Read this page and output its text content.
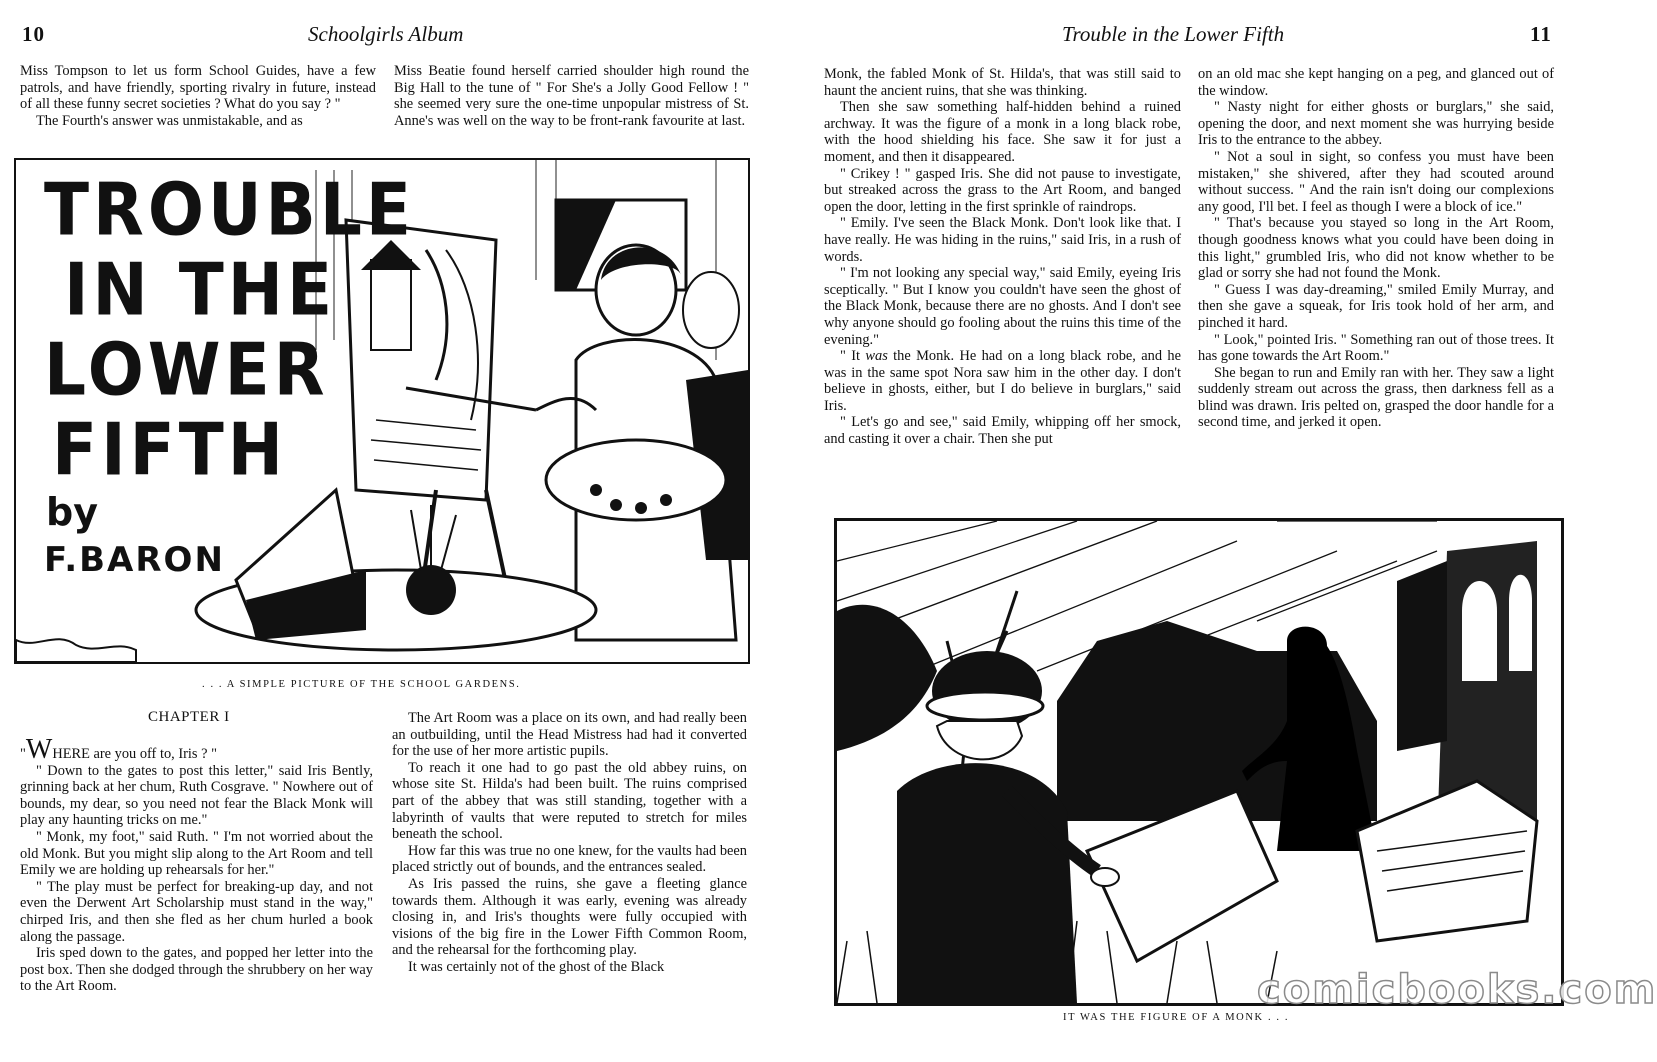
10	Schoolgirls Album

Miss Tompson to let us form School Guides, have a few patrols, and have friendly, sporting rivalry in future, instead of all these funny secret societies ? What do you say ? "

The Fourth's answer was unmistakable, and as

Miss Beatie found herself carried shoulder high round the Big Hall to the tune of " For She's a Jolly Good Fellow ! " she seemed very sure the one-time unpopular mistress of St. Anne's was well on the way to be front-rank favourite at last.

TROUBLE
IN THE
LOWER
FIFTH
by
F.BARON
. . . A SIMPLE PICTURE OF THE SCHOOL GARDENS.
CHAPTER I

"WHERE are you off to, Iris ? "

" Down to the gates to post this letter," said Iris Bently, grinning back at her chum, Ruth Cosgrave. " Nowhere out of bounds, my dear, so you need not fear the Black Monk will play any haunting tricks on me."

" Monk, my foot," said Ruth. " I'm not worried about the old Monk. But you might slip along to the Art Room and tell Emily we are holding up rehearsals for her."

" The play must be perfect for breaking-up day, and not even the Derwent Art Scholarship must stand in the way," chirped Iris, and then she fled as her chum hurled a book along the passage.

Iris sped down to the gates, and popped her letter into the post box. Then she dodged through the shrubbery on her way to the Art Room.

The Art Room was a place on its own, and had really been an outbuilding, until the Head Mistress had had it converted for the use of her more artistic pupils.

To reach it one had to go past the old abbey ruins, on whose site St. Hilda's had been built. The ruins comprised part of the abbey that was still standing, together with a labyrinth of vaults that were reputed to stretch for miles beneath the school.

How far this was true no one knew, for the vaults had been placed strictly out of bounds, and the entrances sealed.

As Iris passed the ruins, she gave a fleeting glance towards them. Although it was early, evening was already closing in, and Iris's thoughts were fully occupied with visions of the big fire in the Lower Fifth Common Room, and the rehearsal for the forthcoming play.

It was certainly not of the ghost of the Black

Trouble in the Lower Fifth	11

Monk, the fabled Monk of St. Hilda's, that was still said to haunt the ancient ruins, that she was thinking.

Then she saw something half-hidden behind a ruined archway. It was the figure of a monk in a long black robe, with the hood shielding his face. She saw it for just a moment, and then it disappeared.

" Crikey ! " gasped Iris. She did not pause to investigate, but streaked across the grass to the Art Room, and banged open the door, letting in the first sprinkle of raindrops.

" Emily. I've seen the Black Monk. Don't look like that. I have really. He was hiding in the ruins," said Iris, in a rush of words.

" I'm not looking any special way," said Emily, eyeing Iris sceptically. " But I know you couldn't have seen the ghost of the Black Monk, because there are no ghosts. And I don't see why anyone should go fooling about the ruins this time of the evening."

" It was the Monk. He had on a long black robe, and he was in the same spot Nora saw him in the other day. I don't believe in ghosts, either, but I do believe in burglars," said Iris.

" Let's go and see," said Emily, whipping off her smock, and casting it over a chair. Then she put

on an old mac she kept hanging on a peg, and glanced out of the window.

" Nasty night for either ghosts or burglars," she said, opening the door, and next moment she was hurrying beside Iris to the entrance to the abbey.

" Not a soul in sight, so confess you must have been mistaken," she shivered, after they had scouted around without success. " And the rain isn't doing our complexions any good, I'll bet. I feel as though I were a block of ice."

" That's because you stayed so long in the Art Room, though goodness knows what you could have been doing in this light," grumbled Iris, who did not know whether to be glad or sorry she had not found the Monk.

" Guess I was day-dreaming," smiled Emily Murray, and then she gave a squeak, for Iris took hold of her arm, and pinched it hard.

" Look," pointed Iris. " Something ran out of those trees. It has gone towards the Art Room."

She began to run and Emily ran with her. They saw a light suddenly stream out across the grass, then darkness fell as a blind was drawn. Iris pelted on, grasped the door handle for a second time, and jerked it open.

comicbooks.com
IT WAS THE FIGURE OF A MONK . . .
